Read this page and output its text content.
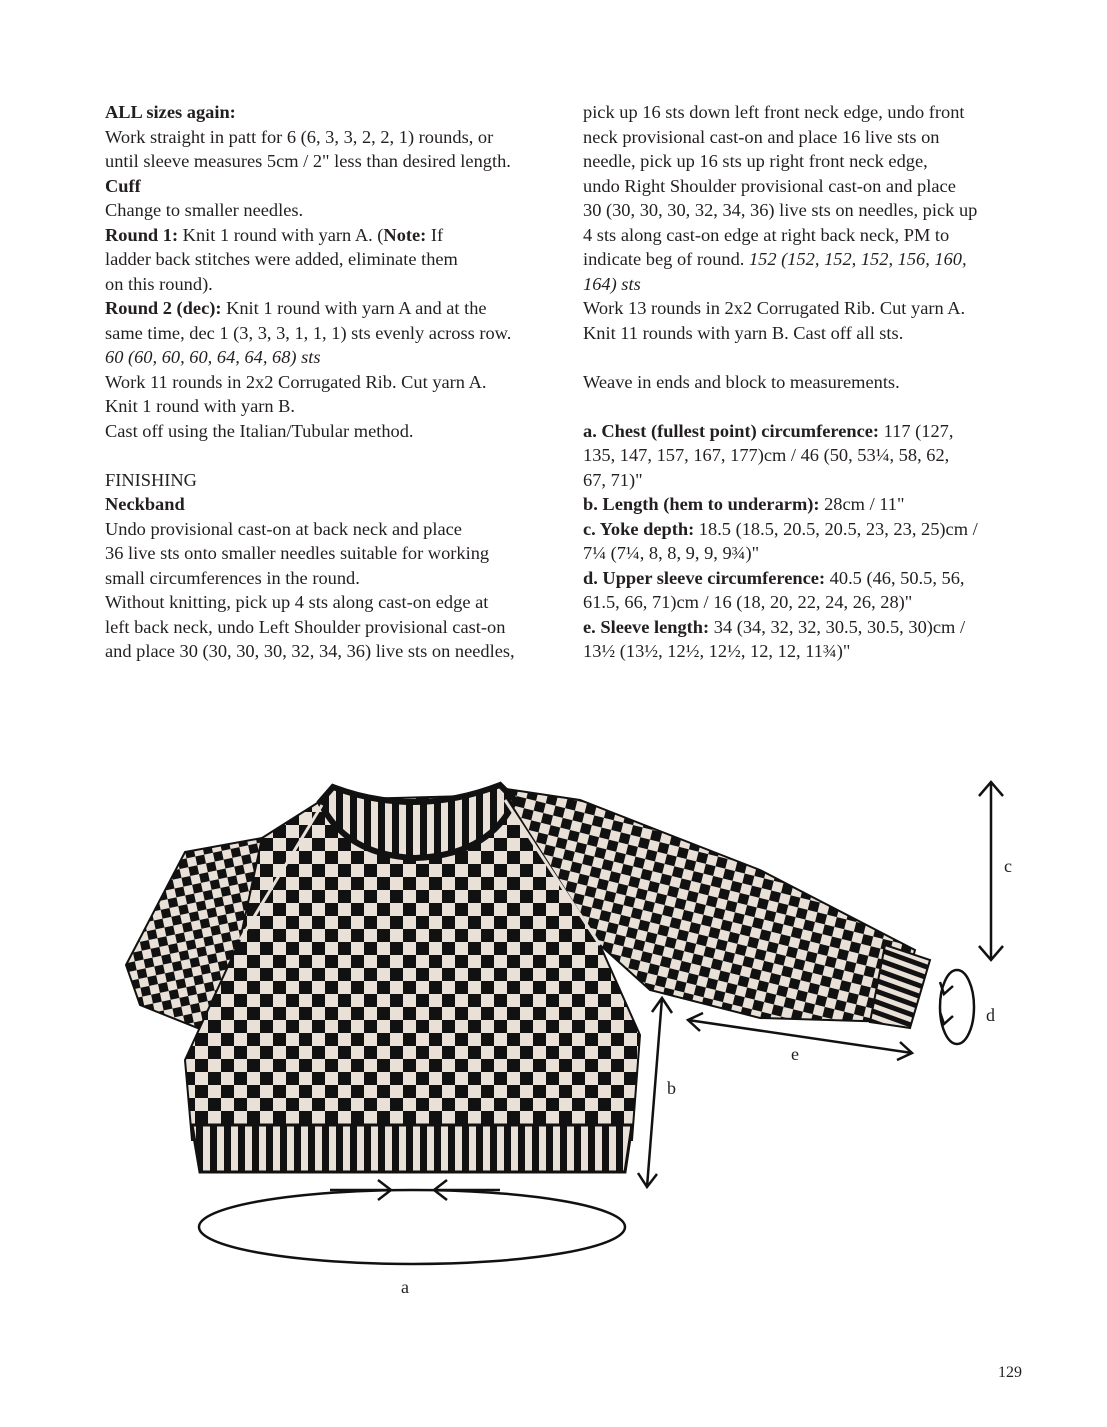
ALL sizes again:
Work straight in patt for 6 (6, 3, 3, 2, 2, 1) rounds, or
until sleeve measures 5cm / 2" less than desired length.
Cuff
Change to smaller needles.
Round 1: Knit 1 round with yarn A. (Note: If
ladder back stitches were added, eliminate them
on this round).
Round 2 (dec): Knit 1 round with yarn A and at the
same time, dec 1 (3, 3, 3, 1, 1, 1) sts evenly across row.
60 (60, 60, 60, 64, 64, 68) sts
Work 11 rounds in 2x2 Corrugated Rib. Cut yarn A.
Knit 1 round with yarn B.
Cast off using the Italian/Tubular method.
FINISHING
Neckband
Undo provisional cast-on at back neck and place
36 live sts onto smaller needles suitable for working
small circumferences in the round.
Without knitting, pick up 4 sts along cast-on edge at
left back neck, undo Left Shoulder provisional cast-on
and place 30 (30, 30, 30, 32, 34, 36) live sts on needles,
pick up 16 sts down left front neck edge, undo front
neck provisional cast-on and place 16 live sts on
needle, pick up 16 sts up right front neck edge,
undo Right Shoulder provisional cast-on and place
30 (30, 30, 30, 32, 34, 36) live sts on needles, pick up
4 sts along cast-on edge at right back neck, PM to
indicate beg of round. 152 (152, 152, 152, 156, 160,
164) sts
Work 13 rounds in 2x2 Corrugated Rib. Cut yarn A.
Knit 11 rounds with yarn B. Cast off all sts.
Weave in ends and block to measurements.
a. Chest (fullest point) circumference: 117 (127,
135, 147, 157, 167, 177)cm / 46 (50, 53¼, 58, 62,
67, 71)"
b. Length (hem to underarm): 28cm / 11"
c. Yoke depth: 18.5 (18.5, 20.5, 20.5, 23, 23, 25)cm /
7¼ (7¼, 8, 8, 9, 9, 9¾)"
d. Upper sleeve circumference: 40.5 (46, 50.5, 56,
61.5, 66, 71)cm / 16 (18, 20, 22, 24, 26, 28)"
e. Sleeve length: 34 (34, 32, 32, 30.5, 30.5, 30)cm /
13½ (13½, 12½, 12½, 12, 12, 11¾)"
c
d
e
b
a
129
